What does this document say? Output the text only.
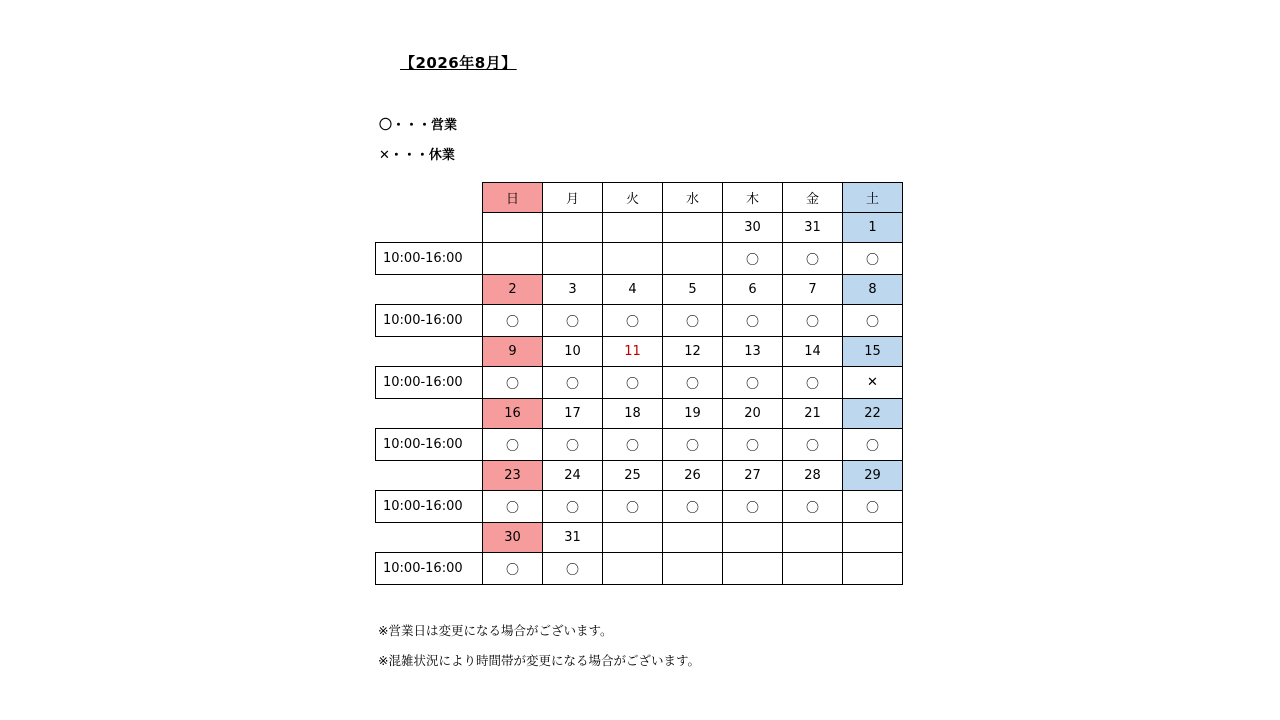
【2026年8月】
〇・・・営業
✕・・・休業
	日	月	火	水	木	金	土
					30	31	1
10:00-16:00					〇	〇	〇
	2	3	4	5	6	7	8
10:00-16:00	〇	〇	〇	〇	〇	〇	〇
	9	10	11	12	13	14	15
10:00-16:00	〇	〇	〇	〇	〇	〇	✕
	16	17	18	19	20	21	22
10:00-16:00	〇	〇	〇	〇	〇	〇	〇
	23	24	25	26	27	28	29
10:00-16:00	〇	〇	〇	〇	〇	〇	〇
	30	31					
10:00-16:00	〇	〇					
※営業日は変更になる場合がございます。
※混雑状況により時間帯が変更になる場合がございます。
